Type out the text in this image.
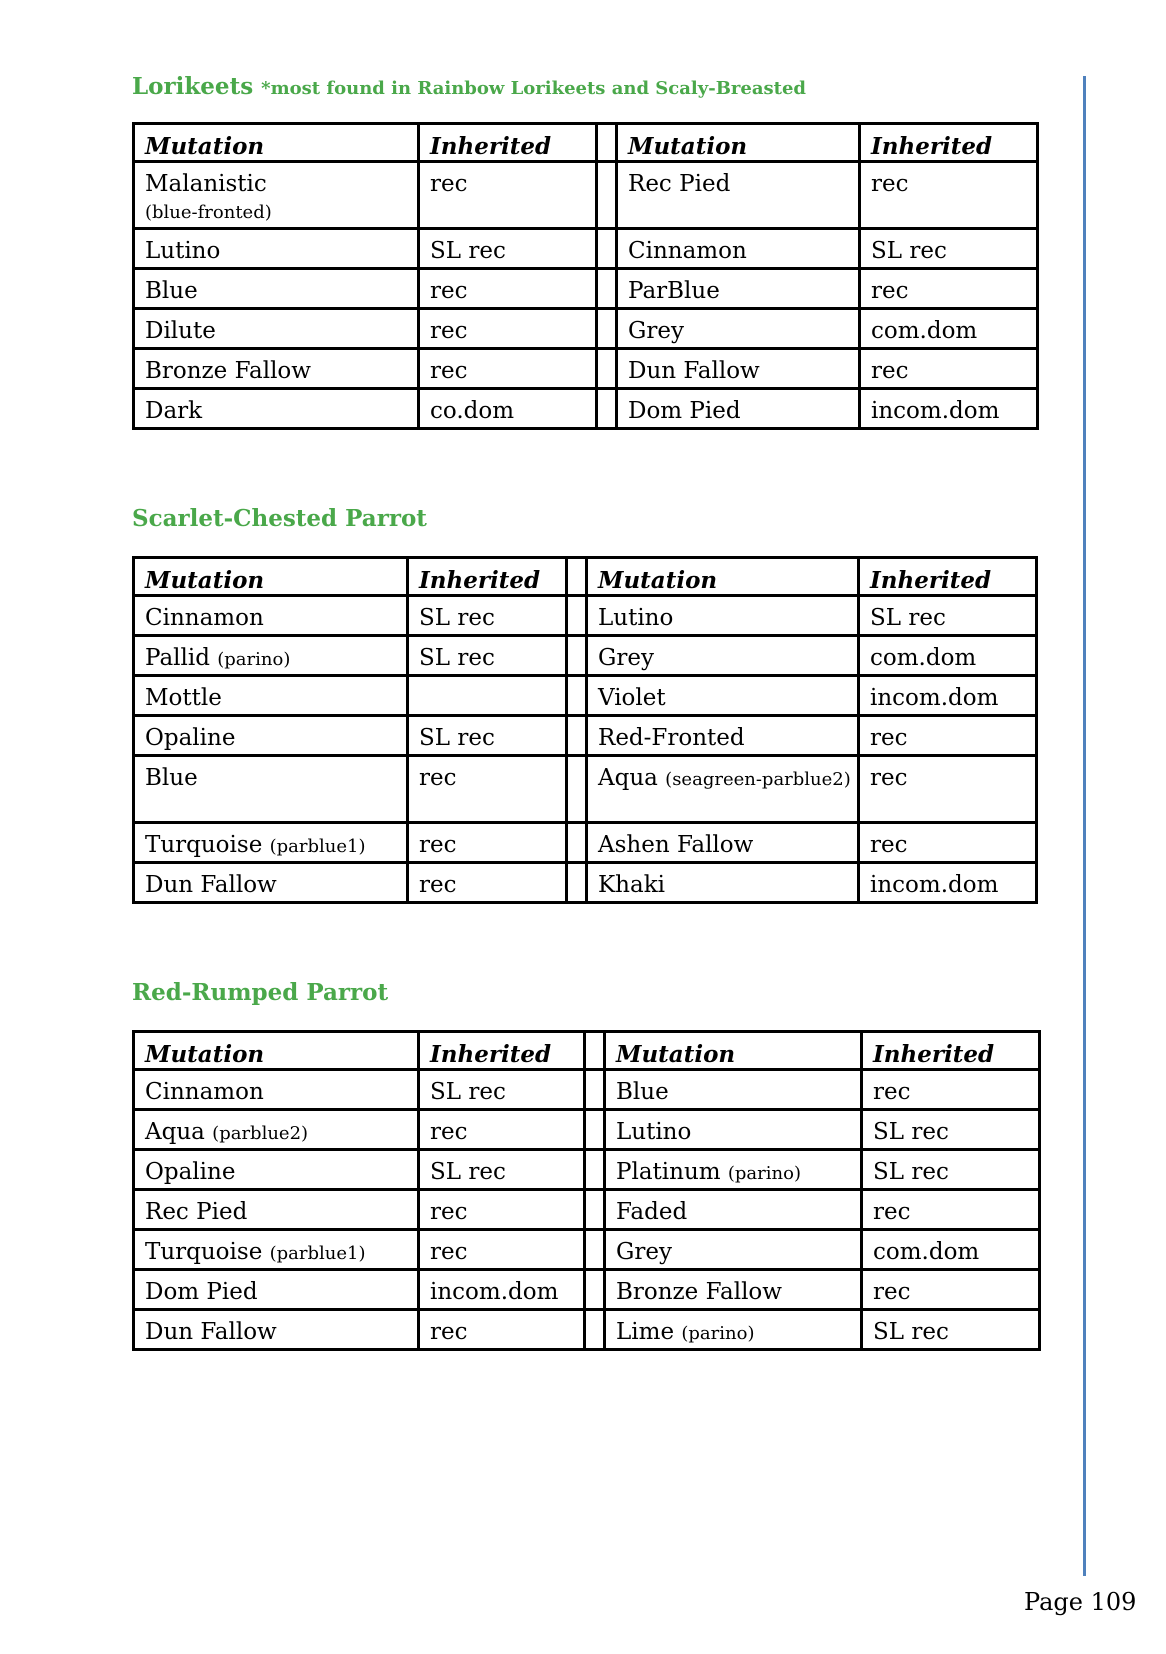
Lorikeets *most found in Rainbow Lorikeets and Scaly-Breasted
Mutation	Inherited		Mutation	Inherited
Malanistic
(blue-fronted)	rec		Rec Pied	rec
Lutino	SL rec		Cinnamon	SL rec
Blue	rec		ParBlue	rec
Dilute	rec		Grey	com.dom
Bronze Fallow	rec		Dun Fallow	rec
Dark	co.dom		Dom Pied	incom.dom
Scarlet-Chested Parrot
Mutation	Inherited		Mutation	Inherited
Cinnamon	SL rec		Lutino	SL rec
Pallid (parino)	SL rec		Grey	com.dom
Mottle			Violet	incom.dom
Opaline	SL rec		Red-Fronted	rec
Blue	rec		Aqua (seagreen-parblue2)	rec
Turquoise (parblue1)	rec		Ashen Fallow	rec
Dun Fallow	rec		Khaki	incom.dom
Red-Rumped Parrot
Mutation	Inherited		Mutation	Inherited
Cinnamon	SL rec		Blue	rec
Aqua (parblue2)	rec		Lutino	SL rec
Opaline	SL rec		Platinum (parino)	SL rec
Rec Pied	rec		Faded	rec
Turquoise (parblue1)	rec		Grey	com.dom
Dom Pied	incom.dom		Bronze Fallow	rec
Dun Fallow	rec		Lime (parino)	SL rec
Page 109
